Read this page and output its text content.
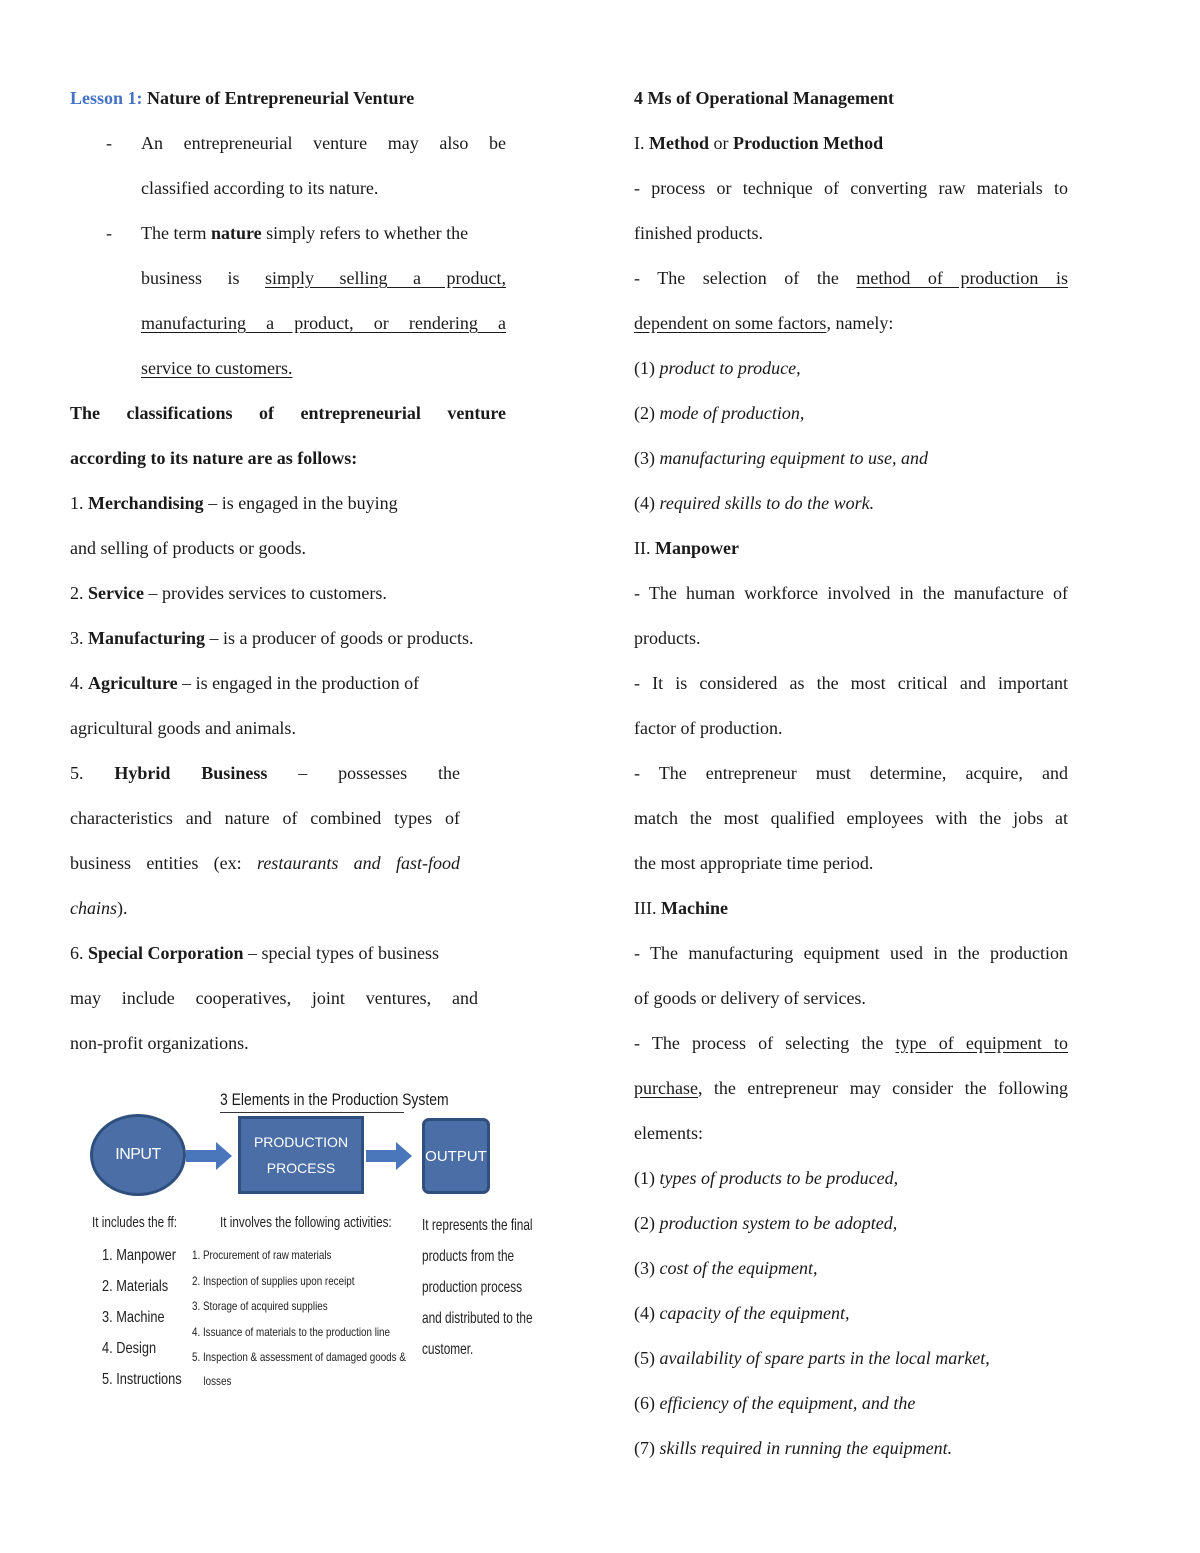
Lesson 1: Nature of Entrepreneurial Venture
- An entrepreneurial venture may also be
classified according to its nature.
- The term nature simply refers to whether the
business is simply selling a product,
manufacturing a product, or rendering a
service to customers.
The classifications of entrepreneurial venture
according to its nature are as follows:
1. Merchandising – is engaged in the buying
and selling of products or goods.
2. Service – provides services to customers.
3. Manufacturing – is a producer of goods or products.
4. Agriculture – is engaged in the production of
agricultural goods and animals.
5. Hybrid Business – possesses the
characteristics and nature of combined types of
business entities (ex: restaurants and fast-food
chains).
6. Special Corporation – special types of business
may include cooperatives, joint ventures, and
non-profit organizations.
3 Elements in the Production System
INPUT
PRODUCTION
PROCESS
OUTPUT
It includes the ff:
1. Manpower
2. Materials
3. Machine
4. Design
5. Instructions
It involves the following activities:
1. Procurement of raw materials
2. Inspection of supplies upon receipt
3. Storage of acquired supplies
4. Issuance of materials to the production line
5. Inspection & assessment of damaged goods &
losses
It represents the final
products from the
production process
and distributed to the
customer.
4 Ms of Operational Management
I. Method or Production Method
- process or technique of converting raw materials to
finished products.
- The selection of the method of production is
dependent on some factors, namely:
(1) product to produce,
(2) mode of production,
(3) manufacturing equipment to use, and
(4) required skills to do the work.
II. Manpower
- The human workforce involved in the manufacture of
products.
- It is considered as the most critical and important
factor of production.
- The entrepreneur must determine, acquire, and
match the most qualified employees with the jobs at
the most appropriate time period.
III. Machine
- The manufacturing equipment used in the production
of goods or delivery of services.
- The process of selecting the type of equipment to
purchase, the entrepreneur may consider the following
elements:
(1) types of products to be produced,
(2) production system to be adopted,
(3) cost of the equipment,
(4) capacity of the equipment,
(5) availability of spare parts in the local market,
(6) efficiency of the equipment, and the
(7) skills required in running the equipment.
